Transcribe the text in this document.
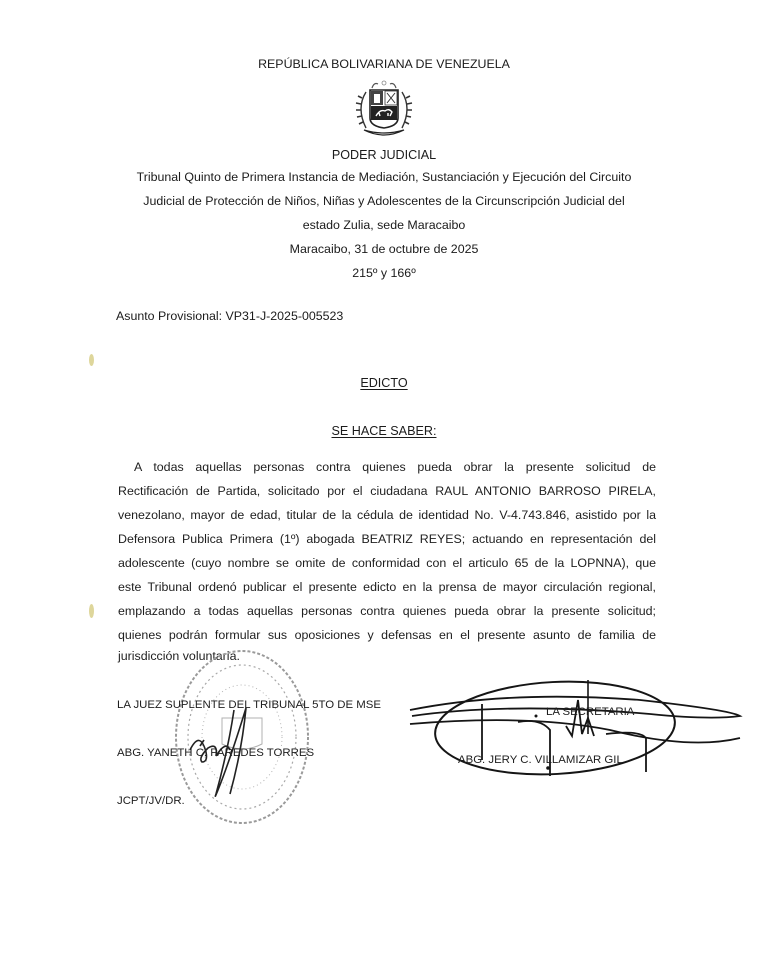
REPÚBLICA BOLIVARIANA DE VENEZUELA
PODER JUDICIAL
Tribunal Quinto de Primera Instancia de Mediación, Sustanciación y Ejecución del Circuito
Judicial de Protección de Niños, Niñas y Adolescentes de la Circunscripción Judicial del
estado Zulia, sede Maracaibo
Maracaibo, 31 de octubre de 2025
215º y 166º
Asunto Provisional: VP31-J-2025-005523
EDICTO
SE HACE SABER:
A todas aquellas personas contra quienes pueda obrar la presente solicitud de
Rectificación de Partida, solicitado por el ciudadana RAUL ANTONIO BARROSO PIRELA,
venezolano, mayor de edad, titular de la cédula de identidad No. V-4.743.846, asistido por la
Defensora Publica Primera (1º) abogada BEATRIZ REYES; actuando en representación del
adolescente (cuyo nombre se omite de conformidad con el articulo 65 de la LOPNNA), que
este Tribunal ordenó publicar el presente edicto en la prensa de mayor circulación regional,
emplazando a todas aquellas personas contra quienes pueda obrar la presente solicitud;
quienes podrán formular sus oposiciones y defensas en el presente asunto de familia de
jurisdicción voluntaria.
LA JUEZ SUPLENTE DEL TRIBUNAL 5TO DE MSE
ABG. YANETH C. PAREDES TORRES
JCPT/JV/DR.
LA SECRETARIA
ABG. JERY C. VILLAMIZAR GIL
